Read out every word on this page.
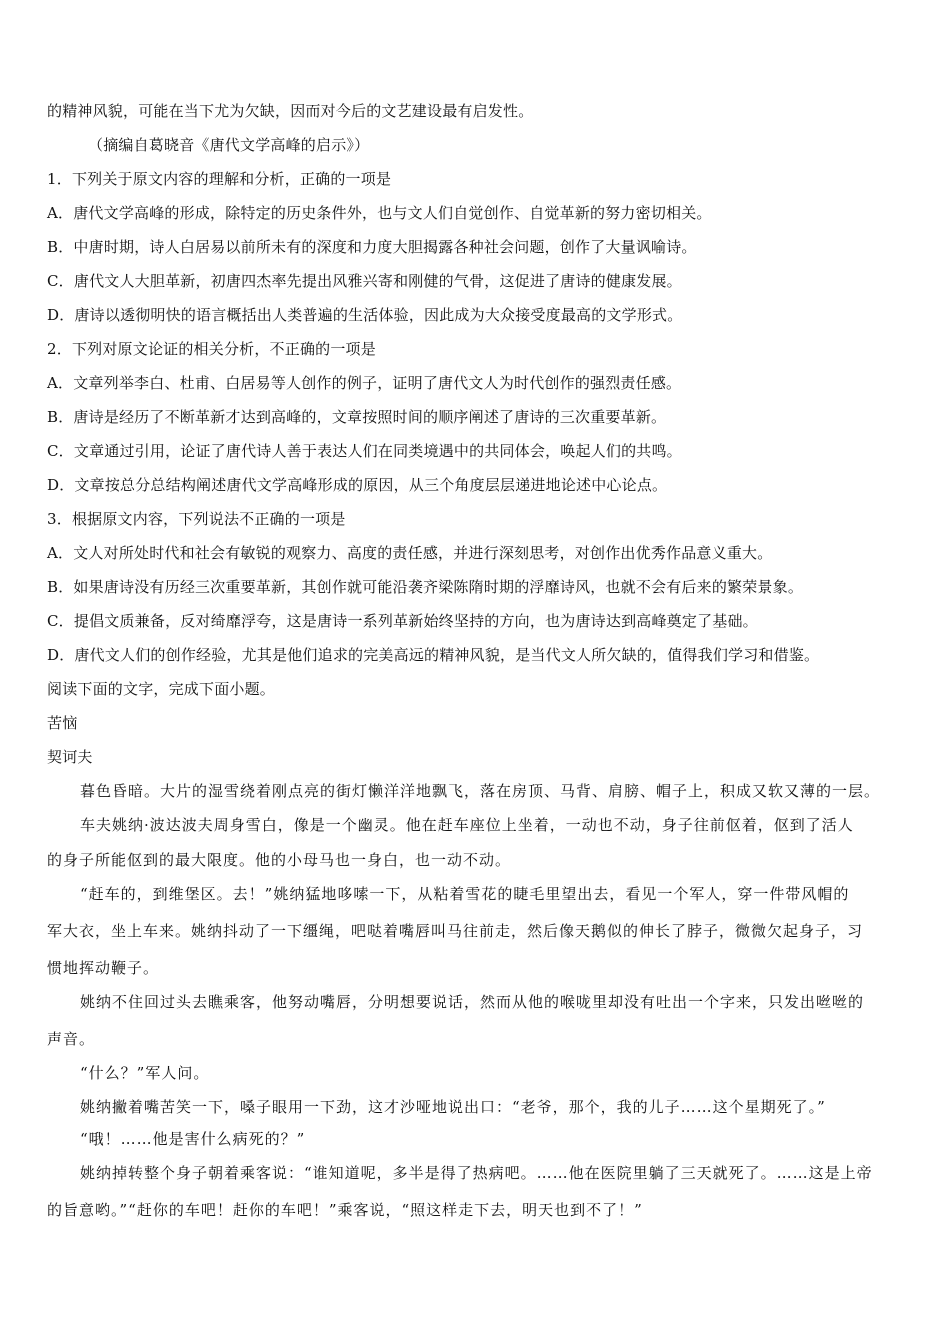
的精神风貌，可能在当下尤为欠缺，因而对今后的文艺建设最有启发性。
（摘编自葛晓音《唐代文学高峰的启示》）
1．下列关于原文内容的理解和分析，正确的一项是
A．唐代文学高峰的形成，除特定的历史条件外，也与文人们自觉创作、自觉革新的努力密切相关。
B．中唐时期，诗人白居易以前所未有的深度和力度大胆揭露各种社会问题，创作了大量讽喻诗。
C．唐代文人大胆革新，初唐四杰率先提出风雅兴寄和刚健的气骨，这促进了唐诗的健康发展。
D．唐诗以透彻明快的语言概括出人类普遍的生活体验，因此成为大众接受度最高的文学形式。
2．下列对原文论证的相关分析，不正确的一项是
A．文章列举李白、杜甫、白居易等人创作的例子，证明了唐代文人为时代创作的强烈责任感。
B．唐诗是经历了不断革新才达到高峰的，文章按照时间的顺序阐述了唐诗的三次重要革新。
C．文章通过引用，论证了唐代诗人善于表达人们在同类境遇中的共同体会，唤起人们的共鸣。
D．文章按总分总结构阐述唐代文学高峰形成的原因，从三个角度层层递进地论述中心论点。
3．根据原文内容，下列说法不正确的一项是
A．文人对所处时代和社会有敏锐的观察力、高度的责任感，并进行深刻思考，对创作出优秀作品意义重大。
B．如果唐诗没有历经三次重要革新，其创作就可能沿袭齐梁陈隋时期的浮靡诗风，也就不会有后来的繁荣景象。
C．提倡文质兼备，反对绮靡浮夸，这是唐诗一系列革新始终坚持的方向，也为唐诗达到高峰奠定了基础。
D．唐代文人们的创作经验，尤其是他们追求的完美高远的精神风貌，是当代文人所欠缺的，值得我们学习和借鉴。
阅读下面的文字，完成下面小题。
苦恼
契诃夫
暮色昏暗。大片的湿雪绕着刚点亮的街灯懒洋洋地飘飞，落在房顶、马背、肩膀、帽子上，积成又软又薄的一层。
车夫姚纳·波达波夫周身雪白，像是一个幽灵。他在赶车座位上坐着，一动也不动，身子往前伛着，伛到了活人
的身子所能伛到的最大限度。他的小母马也一身白，也一动不动。
“赶车的，到维堡区。去！”姚纳猛地哆嗦一下，从粘着雪花的睫毛里望出去，看见一个军人，穿一件带风帽的
军大衣，坐上车来。姚纳抖动了一下缰绳，吧哒着嘴唇叫马往前走，然后像天鹅似的伸长了脖子，微微欠起身子，习
惯地挥动鞭子。
姚纳不住回过头去瞧乘客，他努动嘴唇，分明想要说话，然而从他的喉咙里却没有吐出一个字来，只发出咝咝的
声音。
“什么？”军人问。
姚纳撇着嘴苦笑一下，嗓子眼用一下劲，这才沙哑地说出口：“老爷，那个，我的儿子……这个星期死了。”
“哦！……他是害什么病死的？”
姚纳掉转整个身子朝着乘客说：“谁知道呢，多半是得了热病吧。……他在医院里躺了三天就死了。……这是上帝
的旨意哟。”“赶你的车吧！赶你的车吧！”乘客说，“照这样走下去，明天也到不了！”
